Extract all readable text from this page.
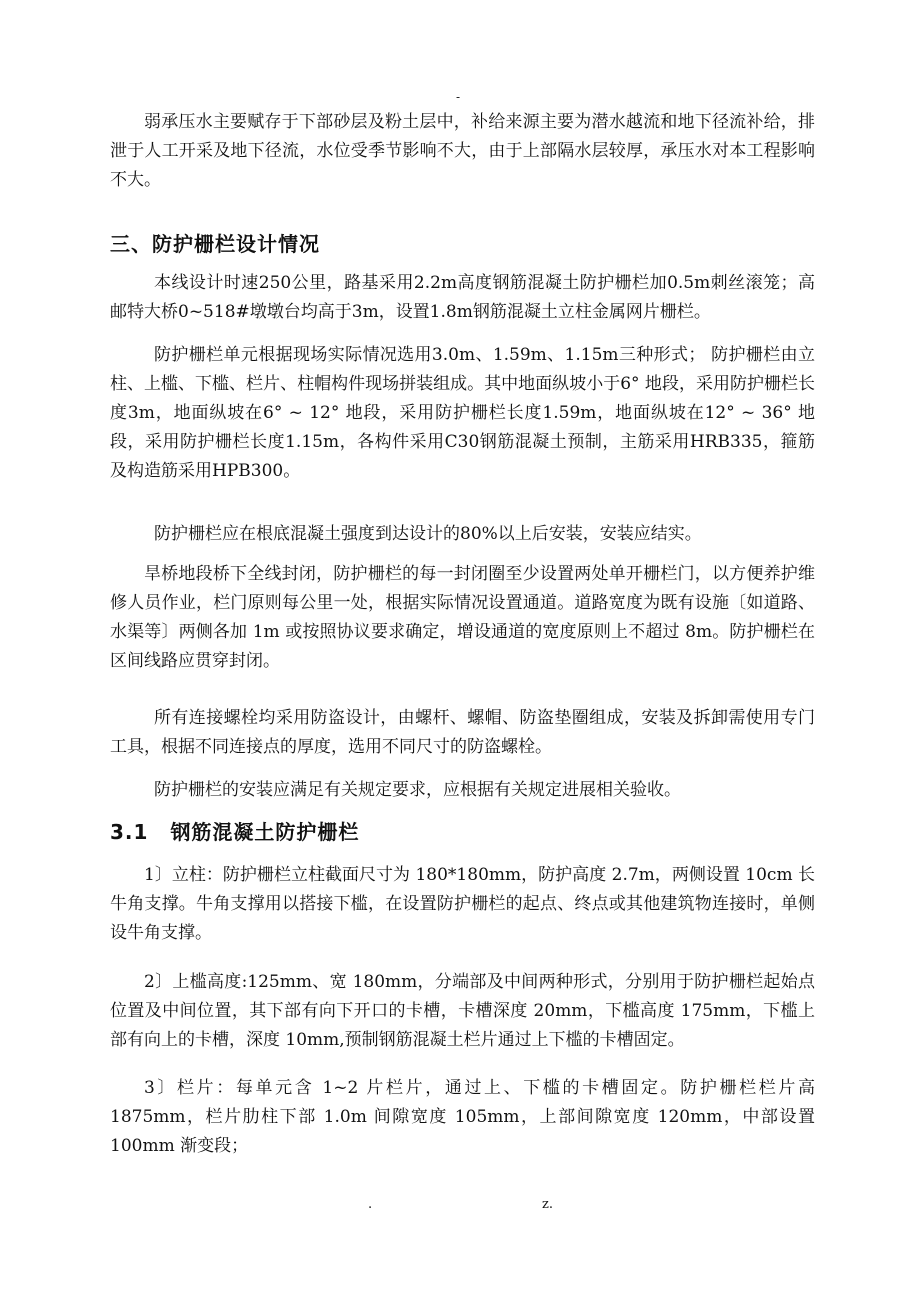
-

弱承压水主要赋存于下部砂层及粉土层中，补给来源主要为潜水越流和地下径流补给，排泄于人工开采及地下径流，水位受季节影响不大，由于上部隔水层较厚，承压水对本工程影响不大。

三、防护栅栏设计情况

本线设计时速250公里，路基采用2.2m高度钢筋混凝土防护栅栏加0.5m刺丝滚笼；高邮特大桥0~518#墩墩台均高于3m，设置1.8m钢筋混凝土立柱金属网片栅栏。

防护栅栏单元根据现场实际情况选用3.0m、1.59m、1.15m三种形式； 防护栅栏由立柱、上槛、下槛、栏片、柱帽构件现场拼装组成。其中地面纵坡小于6° 地段，采用防护栅栏长度3m，地面纵坡在6° ~ 12° 地段，采用防护栅栏长度1.59m，地面纵坡在12° ~ 36° 地段，采用防护栅栏长度1.15m，各构件采用C30钢筋混凝土预制，主筋采用HRB335，箍筋及构造筋采用HPB300。

防护栅栏应在根底混凝土强度到达设计的80%以上后安装，安装应结实。

旱桥地段桥下全线封闭，防护栅栏的每一封闭圈至少设置两处单开栅栏门，以方便养护维修人员作业，栏门原则每公里一处，根据实际情况设置通道。道路宽度为既有设施〔如道路、水渠等〕两侧各加 1m 或按照协议要求确定，增设通道的宽度原则上不超过 8m。防护栅栏在区间线路应贯穿封闭。

所有连接螺栓均采用防盗设计，由螺杆、螺帽、防盗垫圈组成，安装及拆卸需使用专门工具，根据不同连接点的厚度，选用不同尺寸的防盗螺栓。

防护栅栏的安装应满足有关规定要求，应根据有关规定进展相关验收。

3.1 钢筋混凝土防护栅栏

1〕立柱：防护栅栏立柱截面尺寸为 180*180mm，防护高度 2.7m，两侧设置 10cm 长牛角支撑。牛角支撑用以搭接下槛，在设置防护栅栏的起点、终点或其他建筑物连接时，单侧设牛角支撑。

2〕上槛高度:125mm、宽 180mm，分端部及中间两种形式，分别用于防护栅栏起始点位置及中间位置，其下部有向下开口的卡槽，卡槽深度 20mm，下槛高度 175mm，下槛上部有向上的卡槽，深度 10mm,预制钢筋混凝土栏片通过上下槛的卡槽固定。

3〕栏片：每单元含 1~2 片栏片，通过上、下槛的卡槽固定。防护栅栏栏片高 1875mm，栏片肋柱下部 1.0m 间隙宽度 105mm，上部间隙宽度 120mm，中部设置 100mm 渐变段；

.	z.
